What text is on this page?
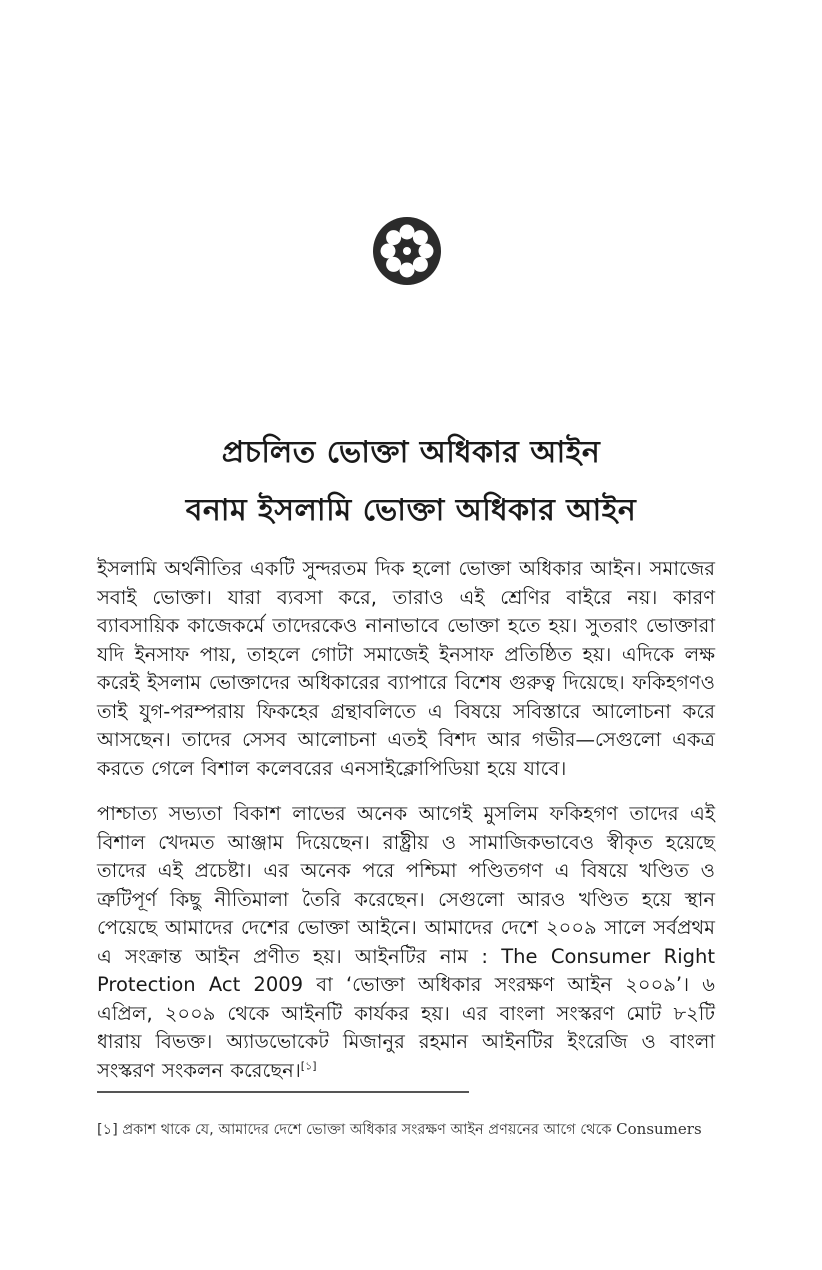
প্রচলিত ভোক্তা অধিকার আইন
বনাম ইসলামি ভোক্তা অধিকার আইন
ইসলামি অর্থনীতির একটি সুন্দরতম দিক হলো ভোক্তা অধিকার আইন। সমাজের সবাই ভোক্তা। যারা ব্যবসা করে, তারাও এই শ্রেণির বাইরে নয়। কারণ ব্যাবসায়িক কাজেকর্মে তাদেরকেও নানাভাবে ভোক্তা হতে হয়। সুতরাং ভোক্তারা যদি ইনসাফ পায়, তাহলে গোটা সমাজেই ইনসাফ প্রতিষ্ঠিত হয়। এদিকে লক্ষ করেই ইসলাম ভোক্তাদের অধিকারের ব্যাপারে বিশেষ গুরুত্ব দিয়েছে। ফকিহগণও তাই যুগ-পরম্পরায় ফিকহের গ্রন্থাবলিতে এ বিষয়ে সবিস্তারে আলোচনা করে আসছেন। তাদের সেসব আলোচনা এতই বিশদ আর গভীর—সেগুলো একত্র করতে গেলে বিশাল কলেবরের এনসাইক্লোপিডিয়া হয়ে যাবে।
পাশ্চাত্য সভ্যতা বিকাশ লাভের অনেক আগেই মুসলিম ফকিহগণ তাদের এই বিশাল খেদমত আঞ্জাম দিয়েছেন। রাষ্ট্রীয় ও সামাজিকভাবেও স্বীকৃত হয়েছে তাদের এই প্রচেষ্টা। এর অনেক পরে পশ্চিমা পণ্ডিতগণ এ বিষয়ে খণ্ডিত ও ত্রুটিপূর্ণ কিছু নীতিমালা তৈরি করেছেন। সেগুলো আরও খণ্ডিত হয়ে স্থান পেয়েছে আমাদের দেশের ভোক্তা আইনে। আমাদের দেশে ২০০৯ সালে সর্বপ্রথম এ সংক্রান্ত আইন প্রণীত হয়। আইনটির নাম : The Consumer Right Protection Act 2009 বা ‘ভোক্তা অধিকার সংরক্ষণ আইন ২০০৯’। ৬ এপ্রিল, ২০০৯ থেকে আইনটি কার্যকর হয়। এর বাংলা সংস্করণ মোট ৮২টি ধারায় বিভক্ত। অ্যাডভোকেট মিজানুর রহমান আইনটির ইংরেজি ও বাংলা সংস্করণ সংকলন করেছেন।[১]
[১] প্রকাশ থাকে যে, আমাদের দেশে ভোক্তা অধিকার সংরক্ষণ আইন প্রণয়নের আগে থেকে Consumers
